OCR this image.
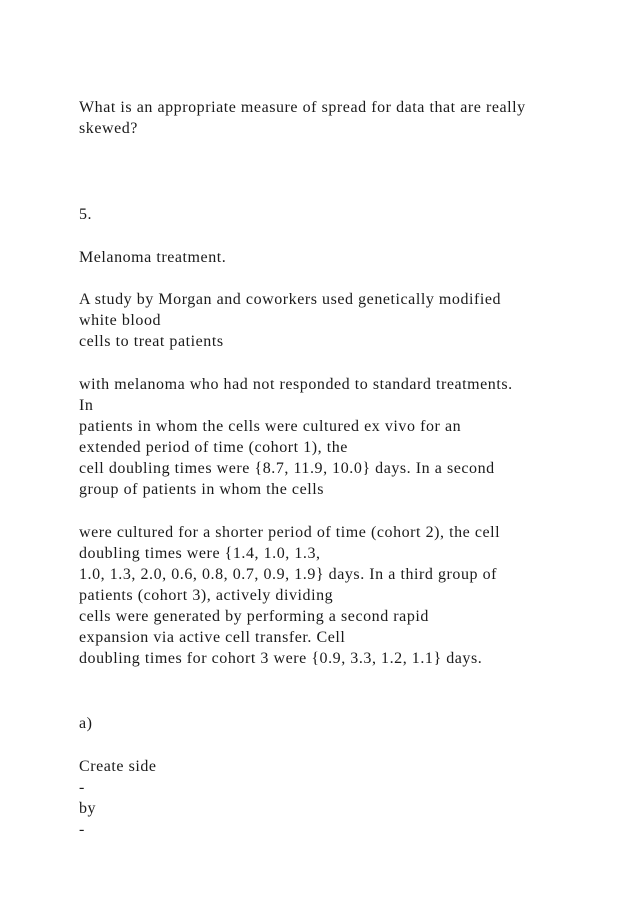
What is an appropriate measure of spread for data that are really

skewed?

5.

Melanoma treatment.

A study by Morgan and coworkers used genetically modified

white blood

cells to treat patients

with melanoma who had not responded to standard treatments.

In

patients in whom the cells were cultured ex vivo for an

extended period of time (cohort 1), the

cell doubling times were {8.7, 11.9, 10.0} days. In a second

group of patients in whom the cells

were cultured for a shorter period of time (cohort 2), the cell

doubling times were {1.4, 1.0, 1.3,

1.0, 1.3, 2.0, 0.6, 0.8, 0.7, 0.9, 1.9} days. In a third group of

patients (cohort 3), actively dividing

cells were generated by performing a second rapid

expansion via active cell transfer. Cell

doubling times for cohort 3 were {0.9, 3.3, 1.2, 1.1} days.

a)

Create side

-

by

-
